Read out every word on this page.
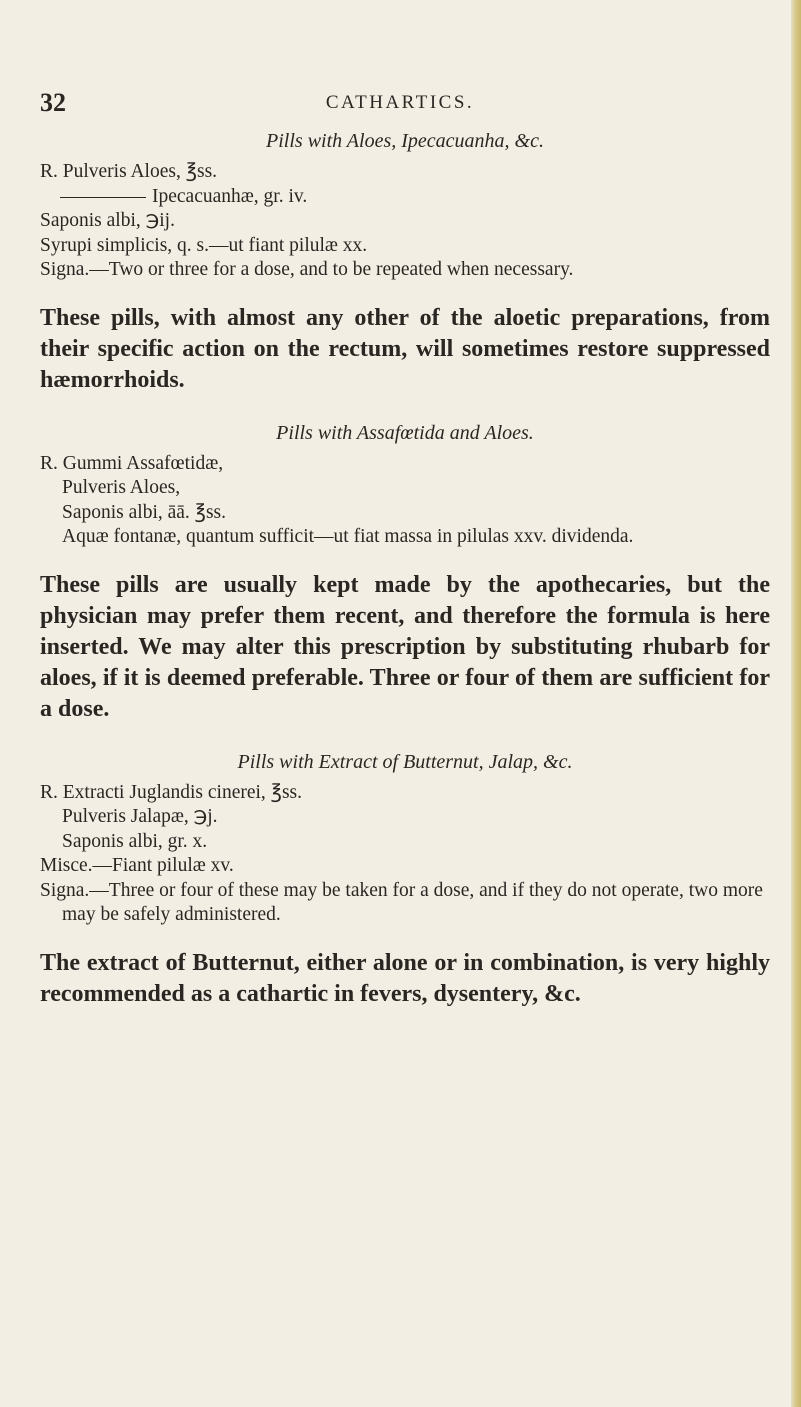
32	CATHARTICS.

Pills with Aloes, Ipecacuanha, &c.

R. Pulveris Aloes, ℥ss.

Ipecacuanhæ, gr. iv.

Saponis albi, ℈ij.

Syrupi simplicis, q. s.—ut fiant pilulæ xx.

Signa.—Two or three for a dose, and to be repeated when necessary.

These pills, with almost any other of the aloetic preparations, from their specific action on the rectum, will sometimes restore suppressed hæmorrhoids.

Pills with Assafœtida and Aloes.

R. Gummi Assafœtidæ,

Pulveris Aloes,

Saponis albi, āā. ℥ss.

Aquæ fontanæ, quantum sufficit—ut fiat massa in pilulas xxv. dividenda.

These pills are usually kept made by the apothecaries, but the physician may prefer them recent, and therefore the formula is here inserted. We may alter this prescription by substituting rhubarb for aloes, if it is deemed preferable. Three or four of them are sufficient for a dose.

Pills with Extract of Butternut, Jalap, &c.

R. Extracti Juglandis cinerei, ℥ss.

Pulveris Jalapæ, ℈j.

Saponis albi, gr. x.

Misce.—Fiant pilulæ xv.

Signa.—Three or four of these may be taken for a dose, and if they do not operate, two more may be safely administered.

The extract of Butternut, either alone or in combination, is very highly recommended as a cathartic in fevers, dysentery, &c.
